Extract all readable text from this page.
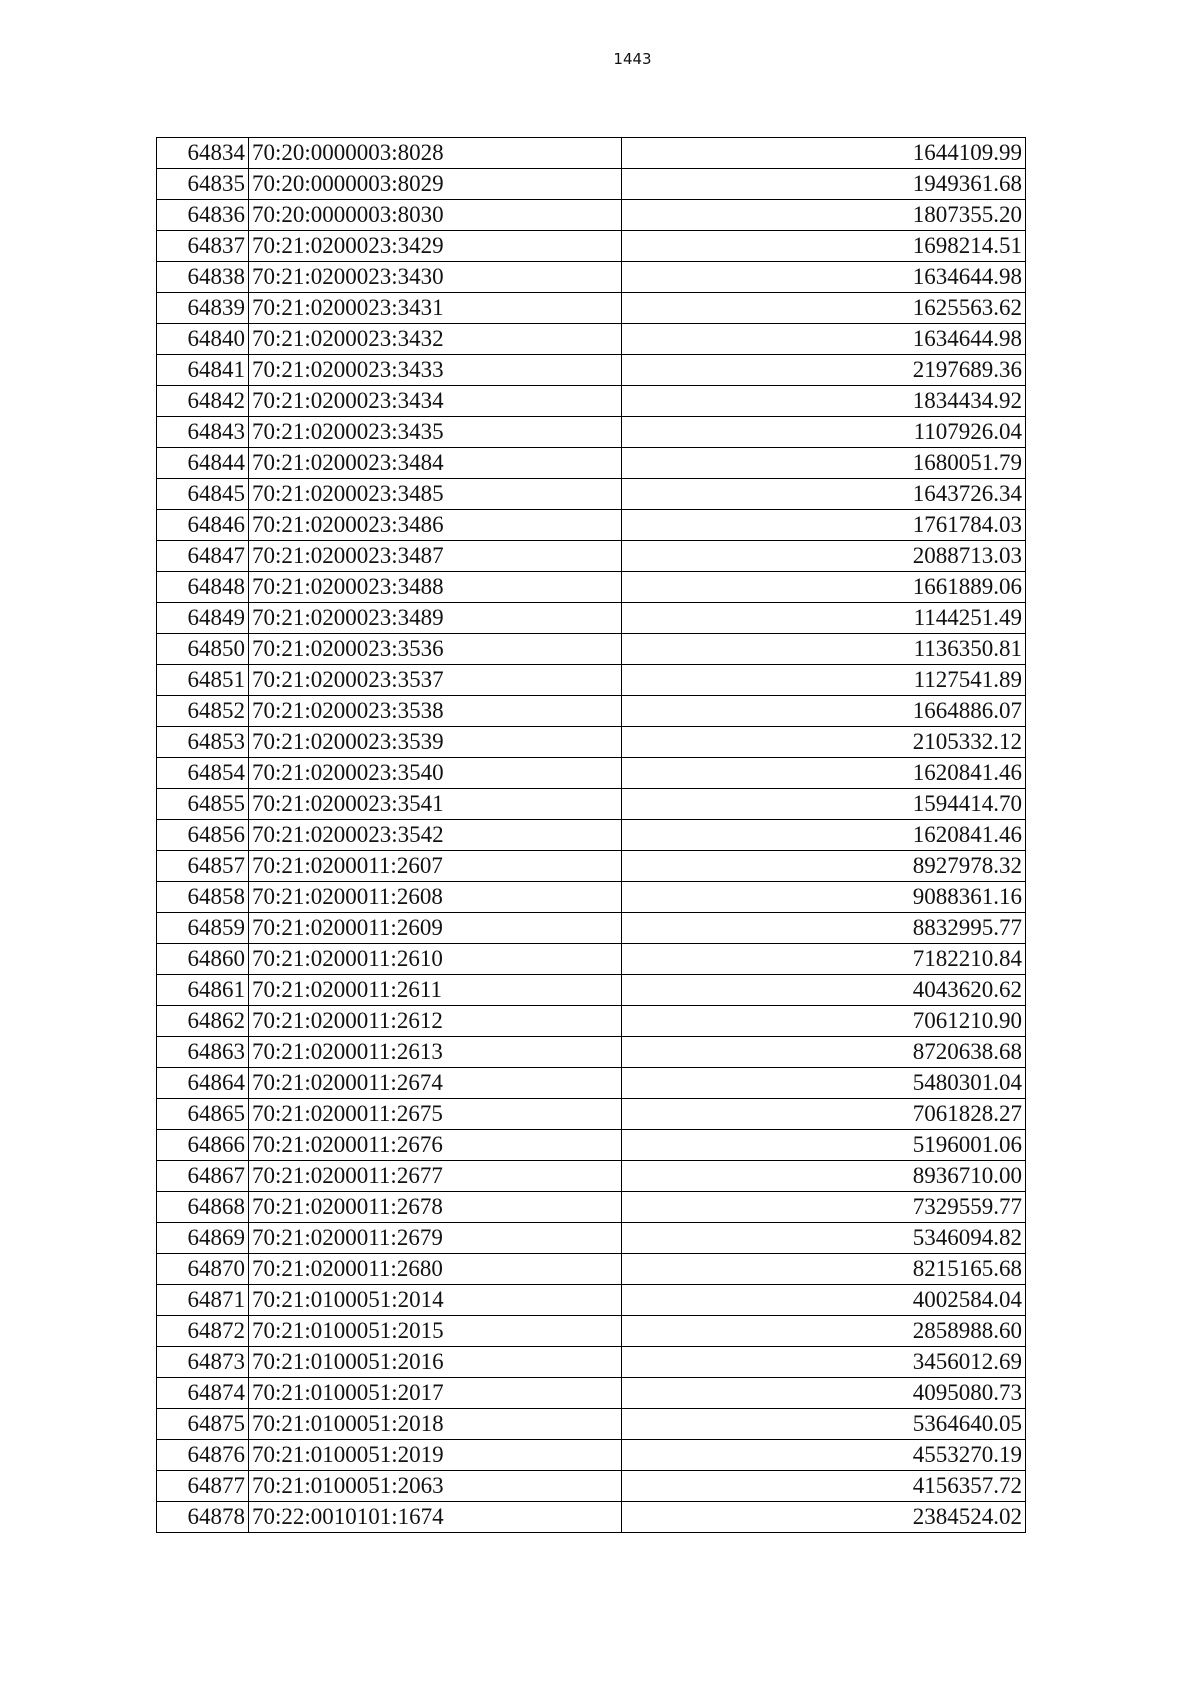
1443
64834	70:20:0000003:8028	1644109.99
64835	70:20:0000003:8029	1949361.68
64836	70:20:0000003:8030	1807355.20
64837	70:21:0200023:3429	1698214.51
64838	70:21:0200023:3430	1634644.98
64839	70:21:0200023:3431	1625563.62
64840	70:21:0200023:3432	1634644.98
64841	70:21:0200023:3433	2197689.36
64842	70:21:0200023:3434	1834434.92
64843	70:21:0200023:3435	1107926.04
64844	70:21:0200023:3484	1680051.79
64845	70:21:0200023:3485	1643726.34
64846	70:21:0200023:3486	1761784.03
64847	70:21:0200023:3487	2088713.03
64848	70:21:0200023:3488	1661889.06
64849	70:21:0200023:3489	1144251.49
64850	70:21:0200023:3536	1136350.81
64851	70:21:0200023:3537	1127541.89
64852	70:21:0200023:3538	1664886.07
64853	70:21:0200023:3539	2105332.12
64854	70:21:0200023:3540	1620841.46
64855	70:21:0200023:3541	1594414.70
64856	70:21:0200023:3542	1620841.46
64857	70:21:0200011:2607	8927978.32
64858	70:21:0200011:2608	9088361.16
64859	70:21:0200011:2609	8832995.77
64860	70:21:0200011:2610	7182210.84
64861	70:21:0200011:2611	4043620.62
64862	70:21:0200011:2612	7061210.90
64863	70:21:0200011:2613	8720638.68
64864	70:21:0200011:2674	5480301.04
64865	70:21:0200011:2675	7061828.27
64866	70:21:0200011:2676	5196001.06
64867	70:21:0200011:2677	8936710.00
64868	70:21:0200011:2678	7329559.77
64869	70:21:0200011:2679	5346094.82
64870	70:21:0200011:2680	8215165.68
64871	70:21:0100051:2014	4002584.04
64872	70:21:0100051:2015	2858988.60
64873	70:21:0100051:2016	3456012.69
64874	70:21:0100051:2017	4095080.73
64875	70:21:0100051:2018	5364640.05
64876	70:21:0100051:2019	4553270.19
64877	70:21:0100051:2063	4156357.72
64878	70:22:0010101:1674	2384524.02
